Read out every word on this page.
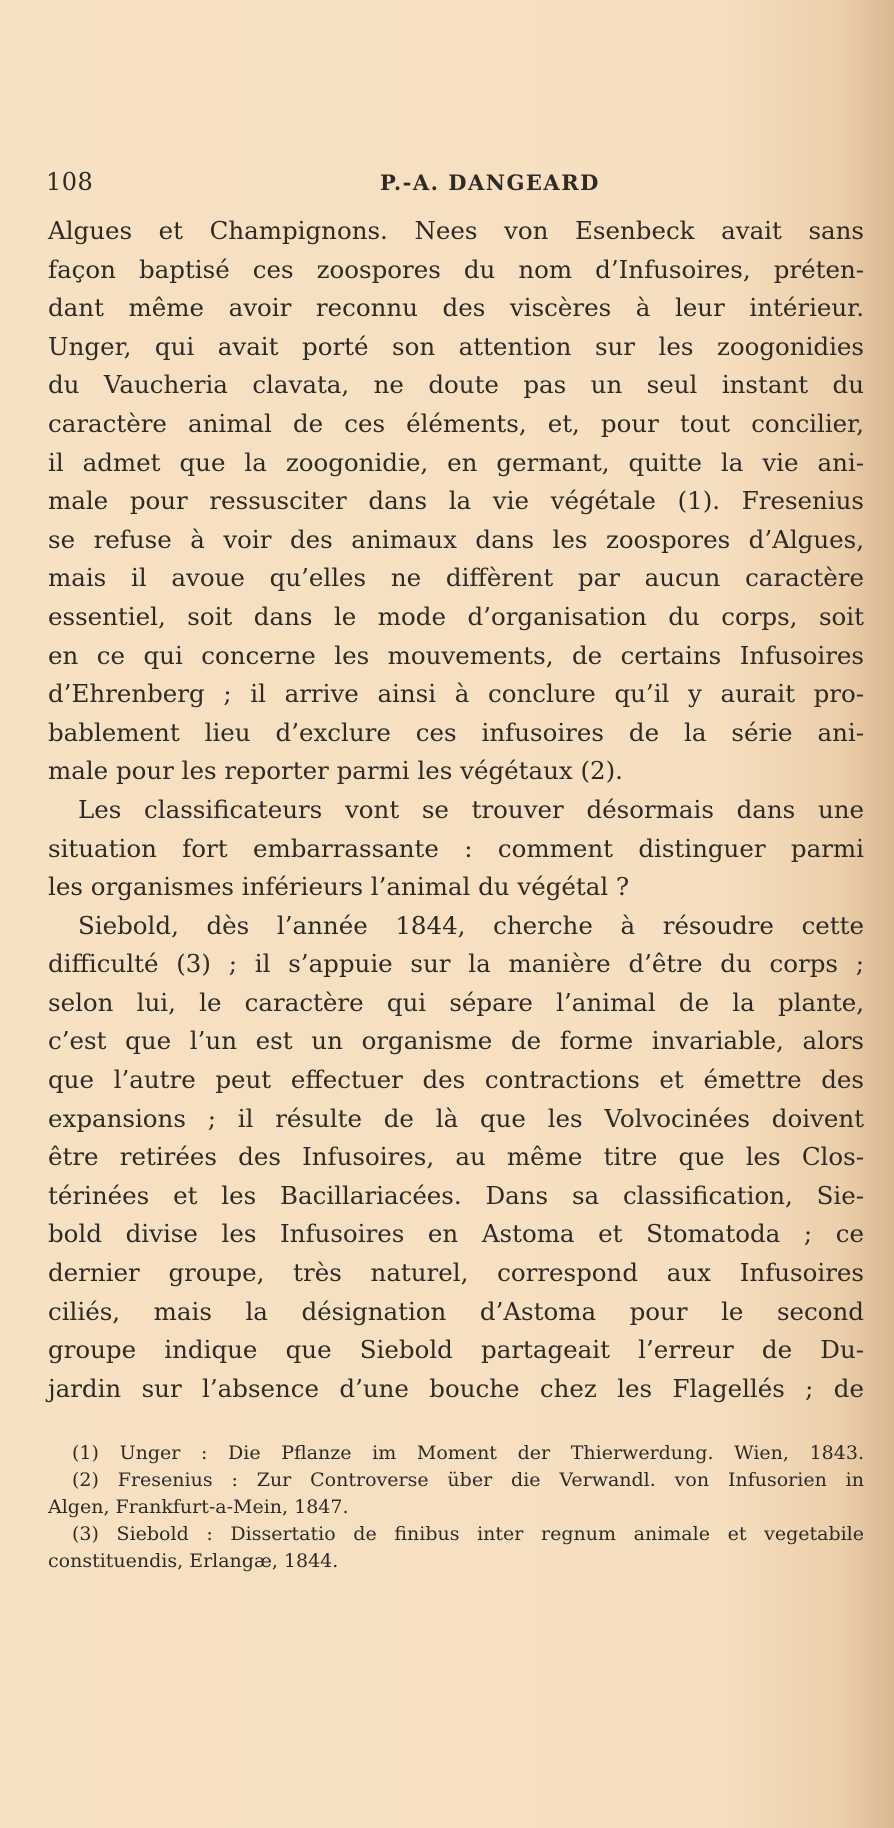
108	P.-A. DANGEARD
Algues et Champignons. Nees von Esenbeck avait sans
façon baptisé ces zoospores du nom d’Infusoires, préten-
dant même avoir reconnu des viscères à leur intérieur.
Unger, qui avait porté son attention sur les zoogonidies
du Vaucheria clavata, ne doute pas un seul instant du
caractère animal de ces éléments, et, pour tout concilier,
il admet que la zoogonidie, en germant, quitte la vie ani-
male pour ressusciter dans la vie végétale (1). Fresenius
se refuse à voir des animaux dans les zoospores d’Algues,
mais il avoue qu’elles ne diffèrent par aucun caractère
essentiel, soit dans le mode d’organisation du corps, soit
en ce qui concerne les mouvements, de certains Infusoires
d’Ehrenberg ; il arrive ainsi à conclure qu’il y aurait pro-
bablement lieu d’exclure ces infusoires de la série ani-
male pour les reporter parmi les végétaux (2).
Les classificateurs vont se trouver désormais dans une
situation fort embarrassante : comment distinguer parmi
les organismes inférieurs l’animal du végétal ?
Siebold, dès l’année 1844, cherche à résoudre cette
difficulté (3) ; il s’appuie sur la manière d’être du corps ;
selon lui, le caractère qui sépare l’animal de la plante,
c’est que l’un est un organisme de forme invariable, alors
que l’autre peut effectuer des contractions et émettre des
expansions ; il résulte de là que les Volvocinées doivent
être retirées des Infusoires, au même titre que les Clos-
térinées et les Bacillariacées. Dans sa classification, Sie-
bold divise les Infusoires en Astoma et Stomatoda ; ce
dernier groupe, très naturel, correspond aux Infusoires
ciliés, mais la désignation d’Astoma pour le second
groupe indique que Siebold partageait l’erreur de Du-
jardin sur l’absence d’une bouche chez les Flagellés ; de
(1) Unger : Die Pflanze im Moment der Thierwerdung. Wien, 1843.
(2) Fresenius : Zur Controverse über die Verwandl. von Infusorien in
Algen, Frankfurt-a-Mein, 1847.
(3) Siebold : Dissertatio de finibus inter regnum animale et vegetabile
constituendis, Erlangæ, 1844.
